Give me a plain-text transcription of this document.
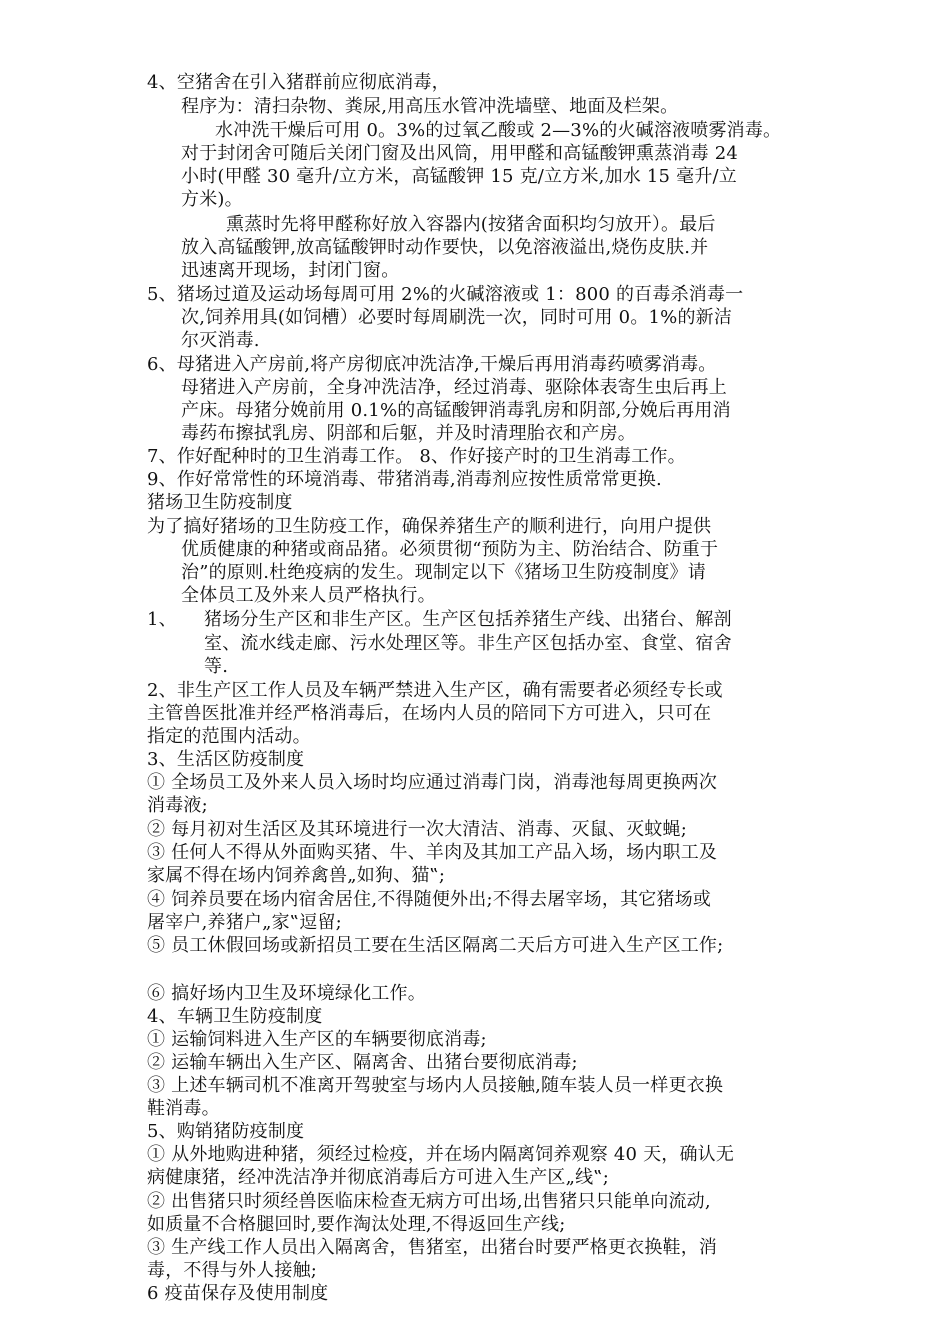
4、空猪舍在引入猪群前应彻底消毒，
程序为：清扫杂物、粪尿,用高压水管冲洗墙壁、地面及栏架。
水冲洗干燥后可用 0。3%的过氧乙酸或 2—3%的火碱溶液喷雾消毒。
对于封闭舍可随后关闭门窗及出风筒，用甲醛和高锰酸钾熏蒸消毒 24
小时(甲醛 30 毫升/立方米，高锰酸钾 15 克/立方米,加水 15 毫升/立
方米)。
熏蒸时先将甲醛称好放入容器内(按猪舍面积均匀放开）。最后
放入高锰酸钾,放高锰酸钾时动作要快，以免溶液溢出,烧伤皮肤.并
迅速离开现场，封闭门窗。
5、猪场过道及运动场每周可用 2%的火碱溶液或 1：800 的百毒杀消毒一
次,饲养用具(如饲槽）必要时每周刷洗一次，同时可用 0。1%的新洁
尔灭消毒.
6、母猪进入产房前,将产房彻底冲洗洁净,干燥后再用消毒药喷雾消毒。
母猪进入产房前，全身冲洗洁净，经过消毒、驱除体表寄生虫后再上
产床。母猪分娩前用 0.1%的高锰酸钾消毒乳房和阴部,分娩后再用消
毒药布擦拭乳房、阴部和后躯，并及时清理胎衣和产房。
7、作好配种时的卫生消毒工作。 8、作好接产时的卫生消毒工作。
9、作好常常性的环境消毒、带猪消毒,消毒剂应按性质常常更换.
猪场卫生防疫制度
为了搞好猪场的卫生防疫工作，确保养猪生产的顺利进行，向用户提供
优质健康的种猪或商品猪。必须贯彻“预防为主、防治结合、防重于
治”的原则.杜绝疫病的发生。现制定以下《猪场卫生防疫制度》请
全体员工及外来人员严格执行。
1、 猪场分生产区和非生产区。生产区包括养猪生产线、出猪台、解剖
室、流水线走廊、污水处理区等。非生产区包括办室、食堂、宿舍
等.
2、非生产区工作人员及车辆严禁进入生产区，确有需要者必须经专长或
主管兽医批准并经严格消毒后，在场内人员的陪同下方可进入，只可在
指定的范围内活动。
3、生活区防疫制度
① 全场员工及外来人员入场时均应通过消毒门岗，消毒池每周更换两次
消毒液;
② 每月初对生活区及其环境进行一次大清洁、消毒、灭鼠、灭蚊蝇;
③ 任何人不得从外面购买猪、牛、羊肉及其加工产品入场，场内职工及
家属不得在场内饲养禽兽„如狗、猫‟;
④ 饲养员要在场内宿舍居住,不得随便外出;不得去屠宰场，其它猪场或
屠宰户,养猪户„家‟逗留;
⑤ 员工休假回场或新招员工要在生活区隔离二天后方可进入生产区工作;
⑥ 搞好场内卫生及环境绿化工作。
4、车辆卫生防疫制度
① 运输饲料进入生产区的车辆要彻底消毒;
② 运输车辆出入生产区、隔离舍、出猪台要彻底消毒;
③ 上述车辆司机不准离开驾驶室与场内人员接触,随车装人员一样更衣换
鞋消毒。
5、购销猪防疫制度
① 从外地购进种猪，须经过检疫，并在场内隔离饲养观察 40 天，确认无
病健康猪，经冲洗洁净并彻底消毒后方可进入生产区„线‟;
② 出售猪只时须经兽医临床检查无病方可出场,出售猪只只能单向流动,
如质量不合格腿回时,要作淘汰处理,不得返回生产线;
③ 生产线工作人员出入隔离舍，售猪室，出猪台时要严格更衣换鞋，消
毒，不得与外人接触;
6 疫苗保存及使用制度
